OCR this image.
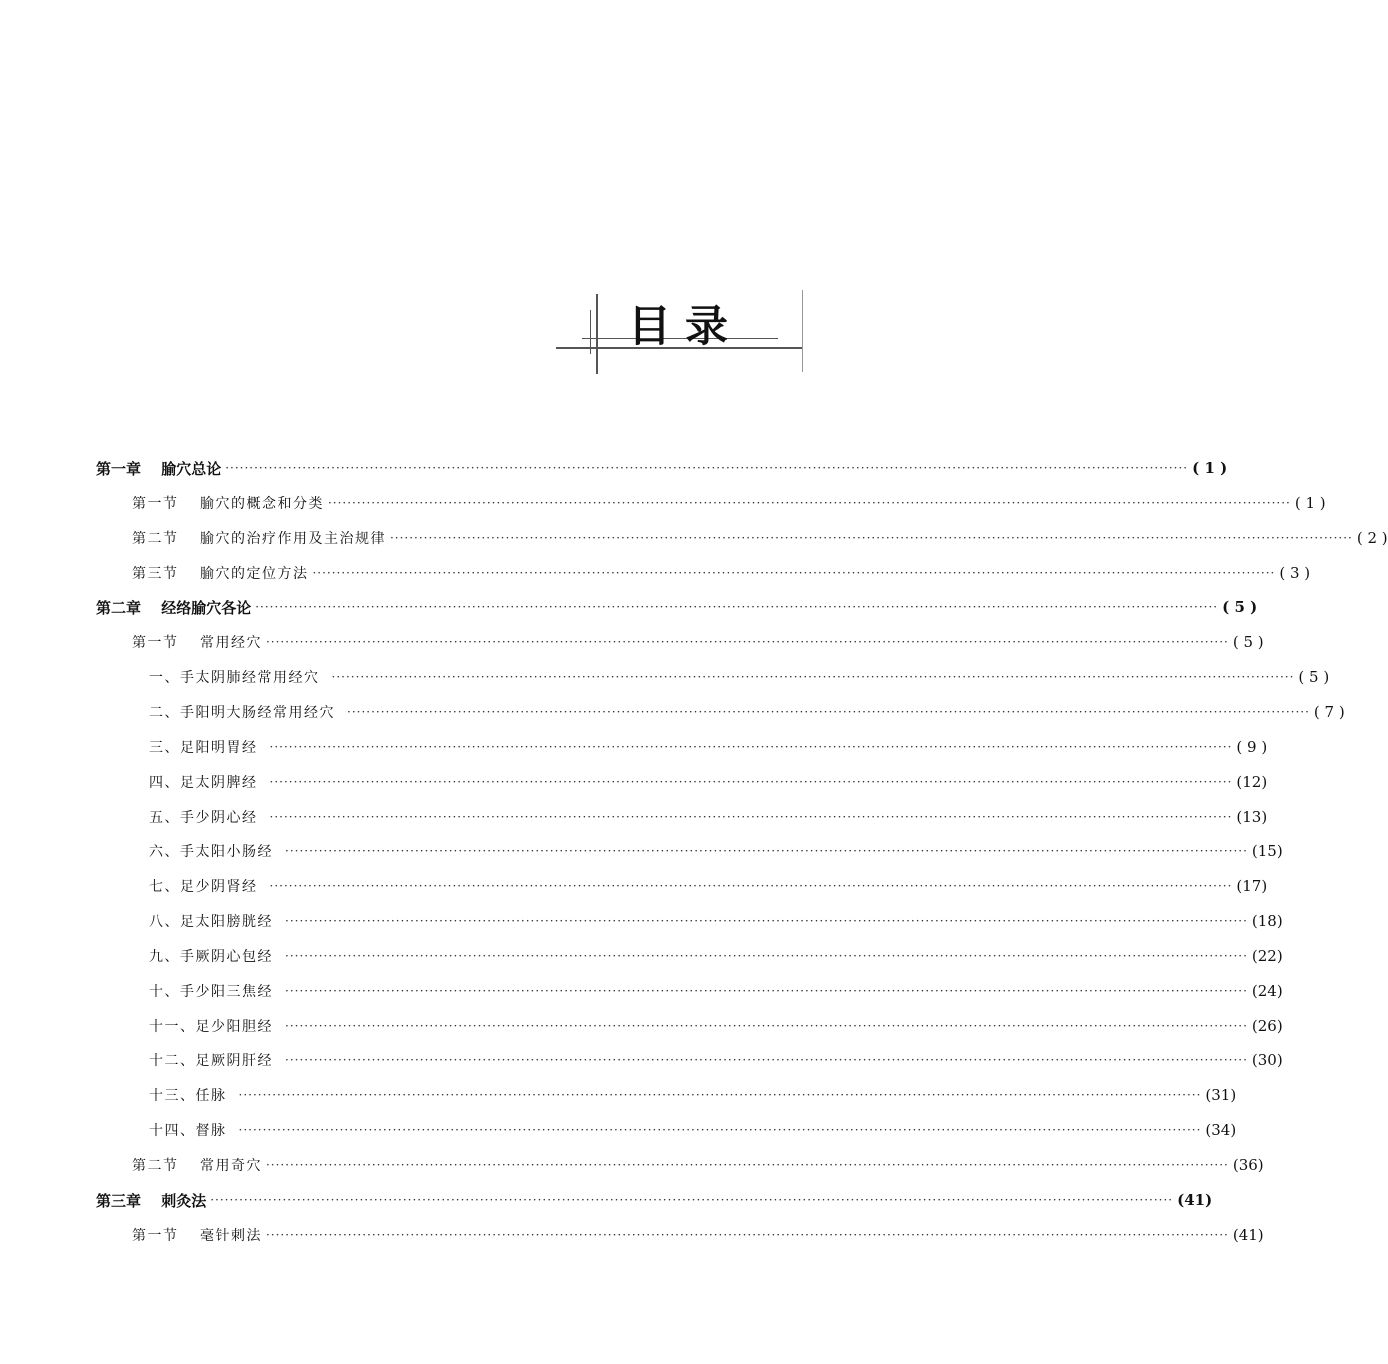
目录
第一章　 腧穴总论 ········································································································································································································ ( 1 )
第一节　 腧穴的概念和分类 ········································································································································································································ ( 1 )
第二节　 腧穴的治疗作用及主治规律 ········································································································································································································ ( 2 )
第三节　 腧穴的定位方法 ········································································································································································································ ( 3 )
第二章　 经络腧穴各论 ········································································································································································································ ( 5 )
第一节　 常用经穴 ········································································································································································································ ( 5 )
一、手太阴肺经常用经穴 ········································································································································································································ ( 5 )
二、手阳明大肠经常用经穴 ········································································································································································································ ( 7 )
三、足阳明胃经 ········································································································································································································ ( 9 )
四、足太阴脾经 ········································································································································································································ (12)
五、手少阴心经 ········································································································································································································ (13)
六、手太阳小肠经 ········································································································································································································ (15)
七、足少阴肾经 ········································································································································································································ (17)
八、足太阳膀胱经 ········································································································································································································ (18)
九、手厥阴心包经 ········································································································································································································ (22)
十、手少阳三焦经 ········································································································································································································ (24)
十一、足少阳胆经 ········································································································································································································ (26)
十二、足厥阴肝经 ········································································································································································································ (30)
十三、任脉 ········································································································································································································ (31)
十四、督脉 ········································································································································································································ (34)
第二节　 常用奇穴 ········································································································································································································ (36)
第三章　 刺灸法 ········································································································································································································ (41)
第一节　 毫针刺法 ········································································································································································································ (41)
